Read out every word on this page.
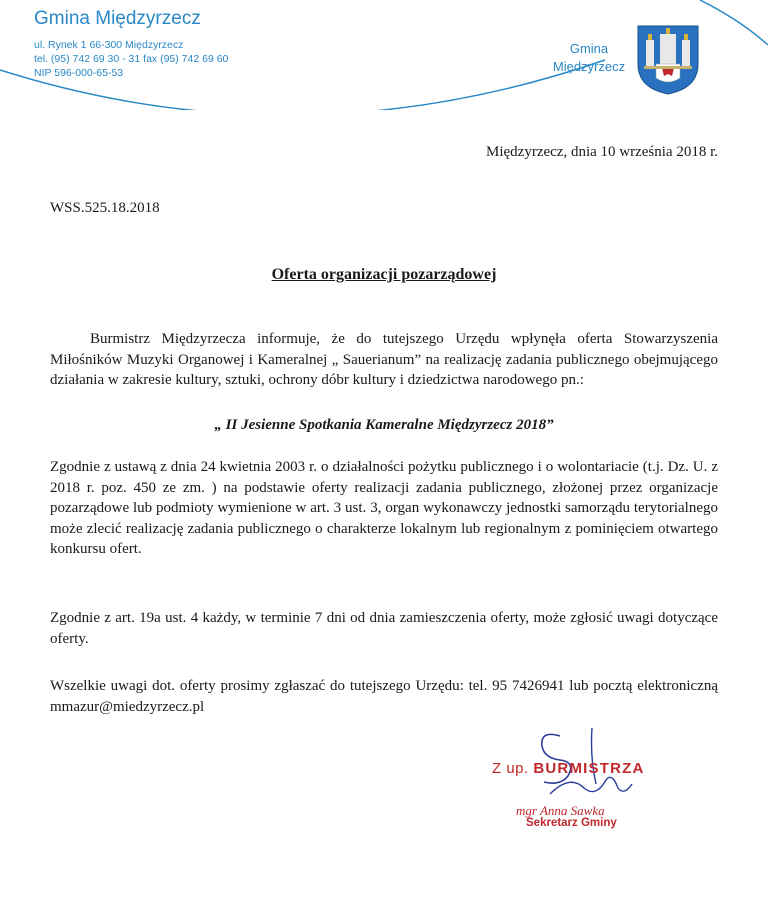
Gmina Międzyrzecz
ul. Rynek 1 66-300 Międzyrzecz
tel. (95) 742 69 30 - 31 fax (95) 742 69 60
NIP 596-000-65-53
Gmina
Międzyrzecz
Międzyrzecz, dnia 10 września 2018 r.
WSS.525.18.2018
Oferta organizacji pozarządowej
Burmistrz Międzyrzecza informuje, że do tutejszego Urzędu wpłynęła oferta Stowarzyszenia Miłośników Muzyki Organowej i Kameralnej „ Sauerianum” na realizację zadania publicznego obejmującego działania w zakresie kultury, sztuki, ochrony dóbr kultury i dziedzictwa narodowego pn.:
„ II Jesienne Spotkania Kameralne Międzyrzecz 2018”
Zgodnie z ustawą z dnia 24 kwietnia 2003 r. o działalności pożytku publicznego i o wolontariacie (t.j. Dz. U. z 2018 r. poz. 450 ze zm. ) na podstawie oferty realizacji zadania publicznego, złożonej przez organizacje pozarządowe lub podmioty wymienione w art. 3 ust. 3, organ wykonawczy jednostki samorządu terytorialnego może zlecić realizację zadania publicznego o charakterze lokalnym lub regionalnym z pominięciem otwartego konkursu ofert.
Zgodnie z art. 19a ust. 4 każdy, w terminie 7 dni od dnia zamieszczenia oferty, może zgłosić uwagi dotyczące oferty.
Wszelkie uwagi dot. oferty prosimy zgłaszać do tutejszego Urzędu: tel. 95 7426941 lub pocztą elektroniczną mmazur@miedzyrzecz.pl
Z up. BURMISTRZA
mgr Anna Sawka
Sekretarz Gminy
